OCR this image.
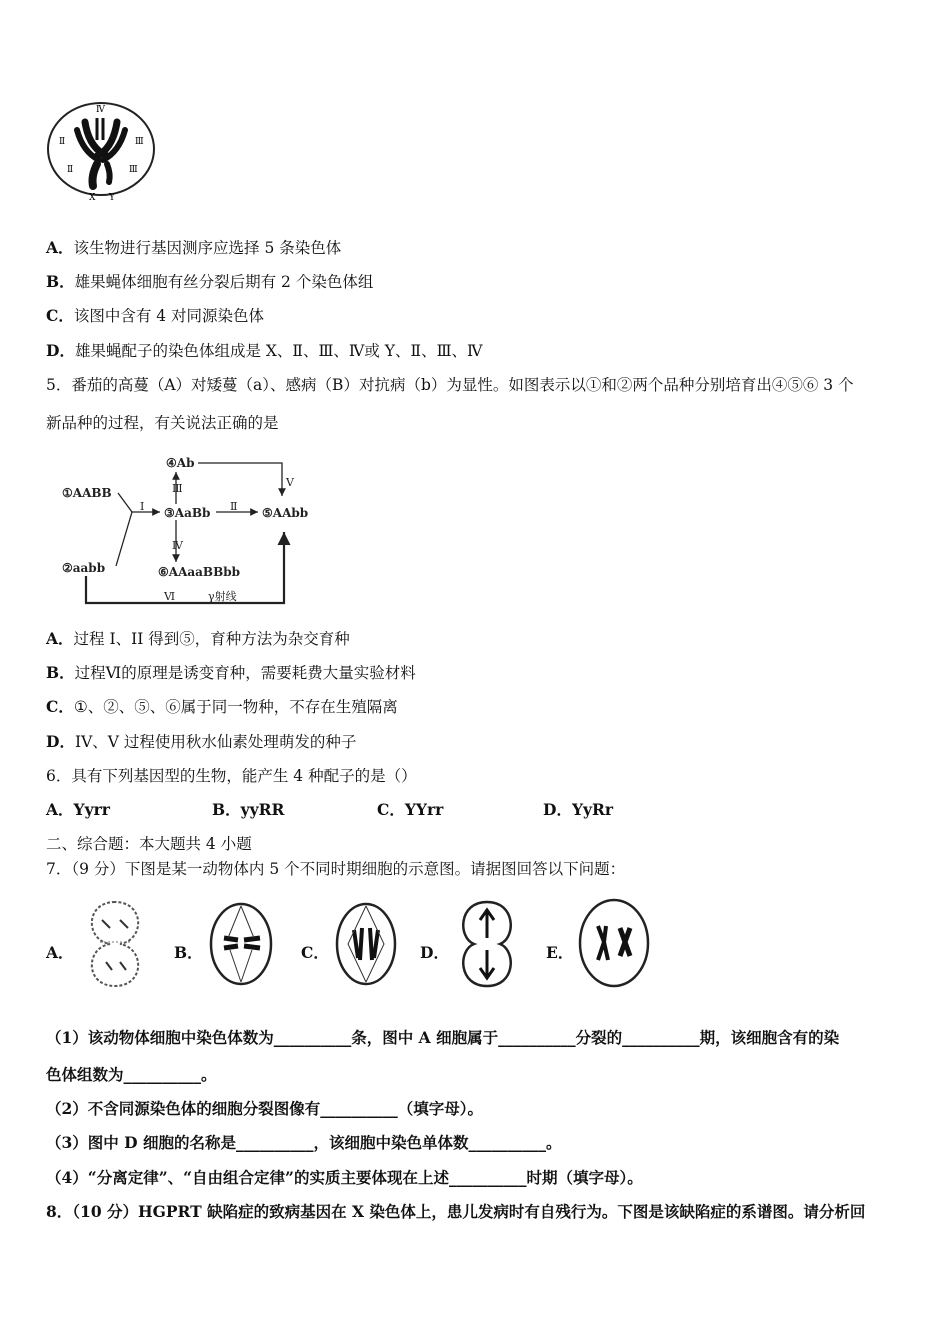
Ⅳ
Ⅱ
Ⅱ
Ⅲ
Ⅲ
X Y
A．该生物进行基因测序应选择 5 条染色体
B．雄果蝇体细胞有丝分裂后期有 2 个染色体组
C．该图中含有 4 对同源染色体
D．雄果蝇配子的染色体组成是 X、Ⅱ、Ⅲ、Ⅳ或 Y、Ⅱ、Ⅲ、Ⅳ
5．番茄的高蔓（A）对矮蔓（a）、感病（B）对抗病（b）为显性。如图表示以①和②两个品种分别培育出④⑤⑥ 3 个
新品种的过程，有关说法正确的是
①AABB
②aabb
③AaBb
④Ab
⑤AAbb
⑥AAaaBBbb
Ⅰ	Ⅱ
Ⅲ
Ⅳ
Ⅴ
Ⅵ	γ射线
A．过程 I、II 得到⑤，育种方法为杂交育种
B．过程Ⅵ的原理是诱变育种，需要耗费大量实验材料
C．①、②、⑤、⑥属于同一物种，不存在生殖隔离
D．IV、V 过程使用秋水仙素处理萌发的种子
6．具有下列基因型的生物，能产生 4 种配子的是（）
A．Yyrr	B．yyRR	C．YYrr	D．YyRr
二、综合题：本大题共 4 小题
7．（9 分）下图是某一动物体内 5 个不同时期细胞的示意图。请据图回答以下问题：
A．	B．	C．	D．	E．
（1）该动物体细胞中染色体数为__________条，图中 A 细胞属于__________分裂的__________期，该细胞含有的染
色体组数为__________。
（2）不含同源染色体的细胞分裂图像有__________（填字母）。
（3）图中 D 细胞的名称是__________，该细胞中染色单体数__________。
（4）“分离定律”、“自由组合定律”的实质主要体现在上述__________时期（填字母）。
8．（10 分）HGPRT 缺陷症的致病基因在 X 染色体上，患儿发病时有自残行为。下图是该缺陷症的系谱图。请分析回
